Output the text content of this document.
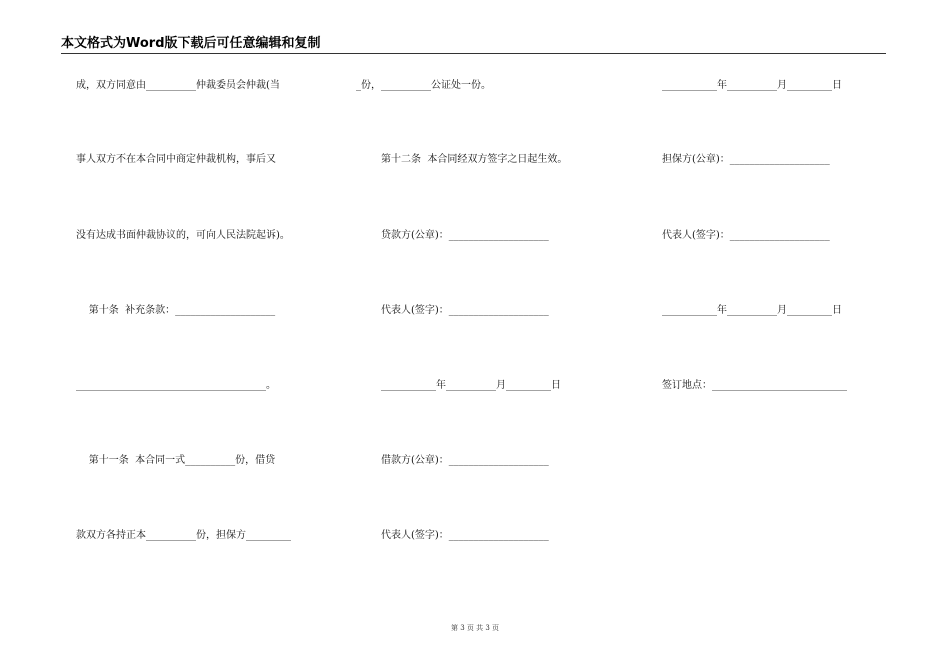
本文格式为Word版下载后可任意编辑和复制
成，双方同意由__________仲裁委员会仲裁(当
事人双方不在本合同中商定仲裁机构，事后又
没有达成书面仲裁协议的，可向人民法院起诉)。
第十条  补充条款：____________________
______________________________________。
第十一条  本合同一式__________份，借贷
款双方各持正本__________份，担保方_________
_份，__________公证处一份。
第十二条  本合同经双方签字之日起生效。
贷款方(公章)：____________________
代表人(签字)：____________________
___________年__________月_________日
借款方(公章)：____________________
代表人(签字)：____________________
___________年__________月_________日
担保方(公章)：____________________
代表人(签字)：____________________
___________年__________月_________日
签订地点：___________________________
第 3 页 共 3 页
